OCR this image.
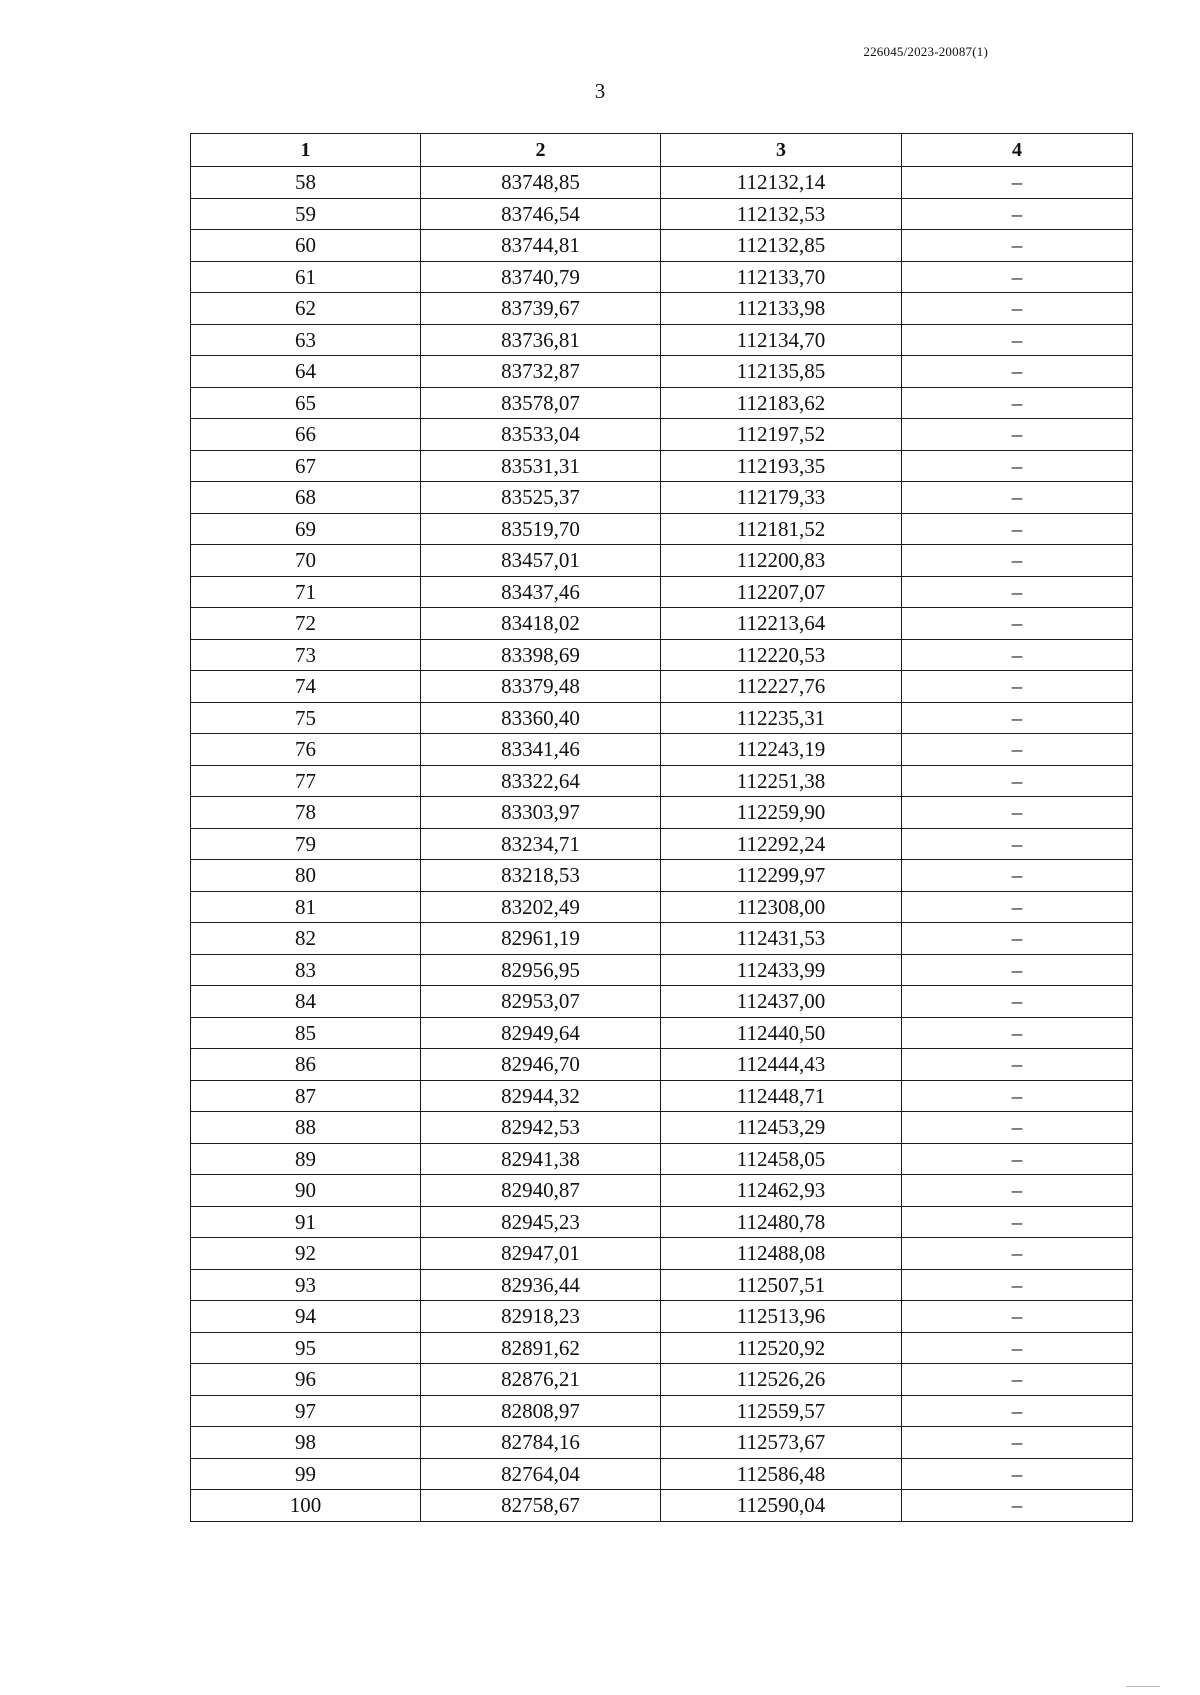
226045/2023-20087(1)
3
1	2	3	4
58	83748,85	112132,14	–
59	83746,54	112132,53	–
60	83744,81	112132,85	–
61	83740,79	112133,70	–
62	83739,67	112133,98	–
63	83736,81	112134,70	–
64	83732,87	112135,85	–
65	83578,07	112183,62	–
66	83533,04	112197,52	–
67	83531,31	112193,35	–
68	83525,37	112179,33	–
69	83519,70	112181,52	–
70	83457,01	112200,83	–
71	83437,46	112207,07	–
72	83418,02	112213,64	–
73	83398,69	112220,53	–
74	83379,48	112227,76	–
75	83360,40	112235,31	–
76	83341,46	112243,19	–
77	83322,64	112251,38	–
78	83303,97	112259,90	–
79	83234,71	112292,24	–
80	83218,53	112299,97	–
81	83202,49	112308,00	–
82	82961,19	112431,53	–
83	82956,95	112433,99	–
84	82953,07	112437,00	–
85	82949,64	112440,50	–
86	82946,70	112444,43	–
87	82944,32	112448,71	–
88	82942,53	112453,29	–
89	82941,38	112458,05	–
90	82940,87	112462,93	–
91	82945,23	112480,78	–
92	82947,01	112488,08	–
93	82936,44	112507,51	–
94	82918,23	112513,96	–
95	82891,62	112520,92	–
96	82876,21	112526,26	–
97	82808,97	112559,57	–
98	82784,16	112573,67	–
99	82764,04	112586,48	–
100	82758,67	112590,04	–
